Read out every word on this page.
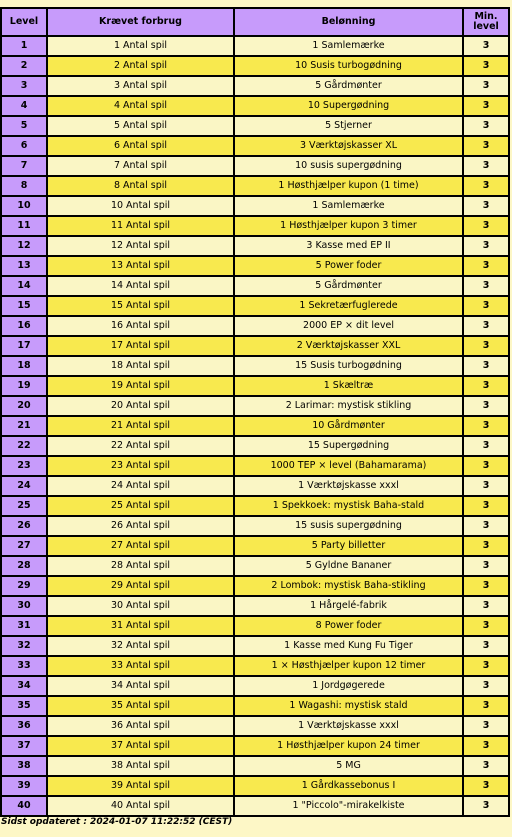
Level	Krævet forbrug	Belønning	Min. level
1	1 Antal spil	1 Samlemærke	3
2	2 Antal spil	10 Susis turbogødning	3
3	3 Antal spil	5 Gårdmønter	3
4	4 Antal spil	10 Supergødning	3
5	5 Antal spil	5 Stjerner	3
6	6 Antal spil	3 Værktøjskasser XL	3
7	7 Antal spil	10 susis supergødning	3
8	8 Antal spil	1 Høsthjælper kupon (1 time)	3
10	10 Antal spil	1 Samlemærke	3
11	11 Antal spil	1 Høsthjælper kupon 3 timer	3
12	12 Antal spil	3 Kasse med EP II	3
13	13 Antal spil	5 Power foder	3
14	14 Antal spil	5 Gårdmønter	3
15	15 Antal spil	1 Sekretærfuglerede	3
16	16 Antal spil	2000 EP × dit level	3
17	17 Antal spil	2 Værktøjskasser XXL	3
18	18 Antal spil	15 Susis turbogødning	3
19	19 Antal spil	1 Skæltræ	3
20	20 Antal spil	2 Larimar: mystisk stikling	3
21	21 Antal spil	10 Gårdmønter	3
22	22 Antal spil	15 Supergødning	3
23	23 Antal spil	1000 TEP × level (Bahamarama)	3
24	24 Antal spil	1 Værktøjskasse xxxl	3
25	25 Antal spil	1 Spekkoek: mystisk Baha-stald	3
26	26 Antal spil	15 susis supergødning	3
27	27 Antal spil	5 Party billetter	3
28	28 Antal spil	5 Gyldne Bananer	3
29	29 Antal spil	2 Lombok: mystisk Baha-stikling	3
30	30 Antal spil	1 Hårgelé-fabrik	3
31	31 Antal spil	8 Power foder	3
32	32 Antal spil	1 Kasse med Kung Fu Tiger	3
33	33 Antal spil	1 × Høsthjælper kupon 12 timer	3
34	34 Antal spil	1 Jordgøgerede	3
35	35 Antal spil	1 Wagashi: mystisk stald	3
36	36 Antal spil	1 Værktøjskasse xxxl	3
37	37 Antal spil	1 Høsthjælper kupon 24 timer	3
38	38 Antal spil	5 MG	3
39	39 Antal spil	1 Gårdkassebonus I	3
40	40 Antal spil	1 "Piccolo"-mirakelkiste	3
Sidst opdateret : 2024-01-07 11:22:52 (CEST)
